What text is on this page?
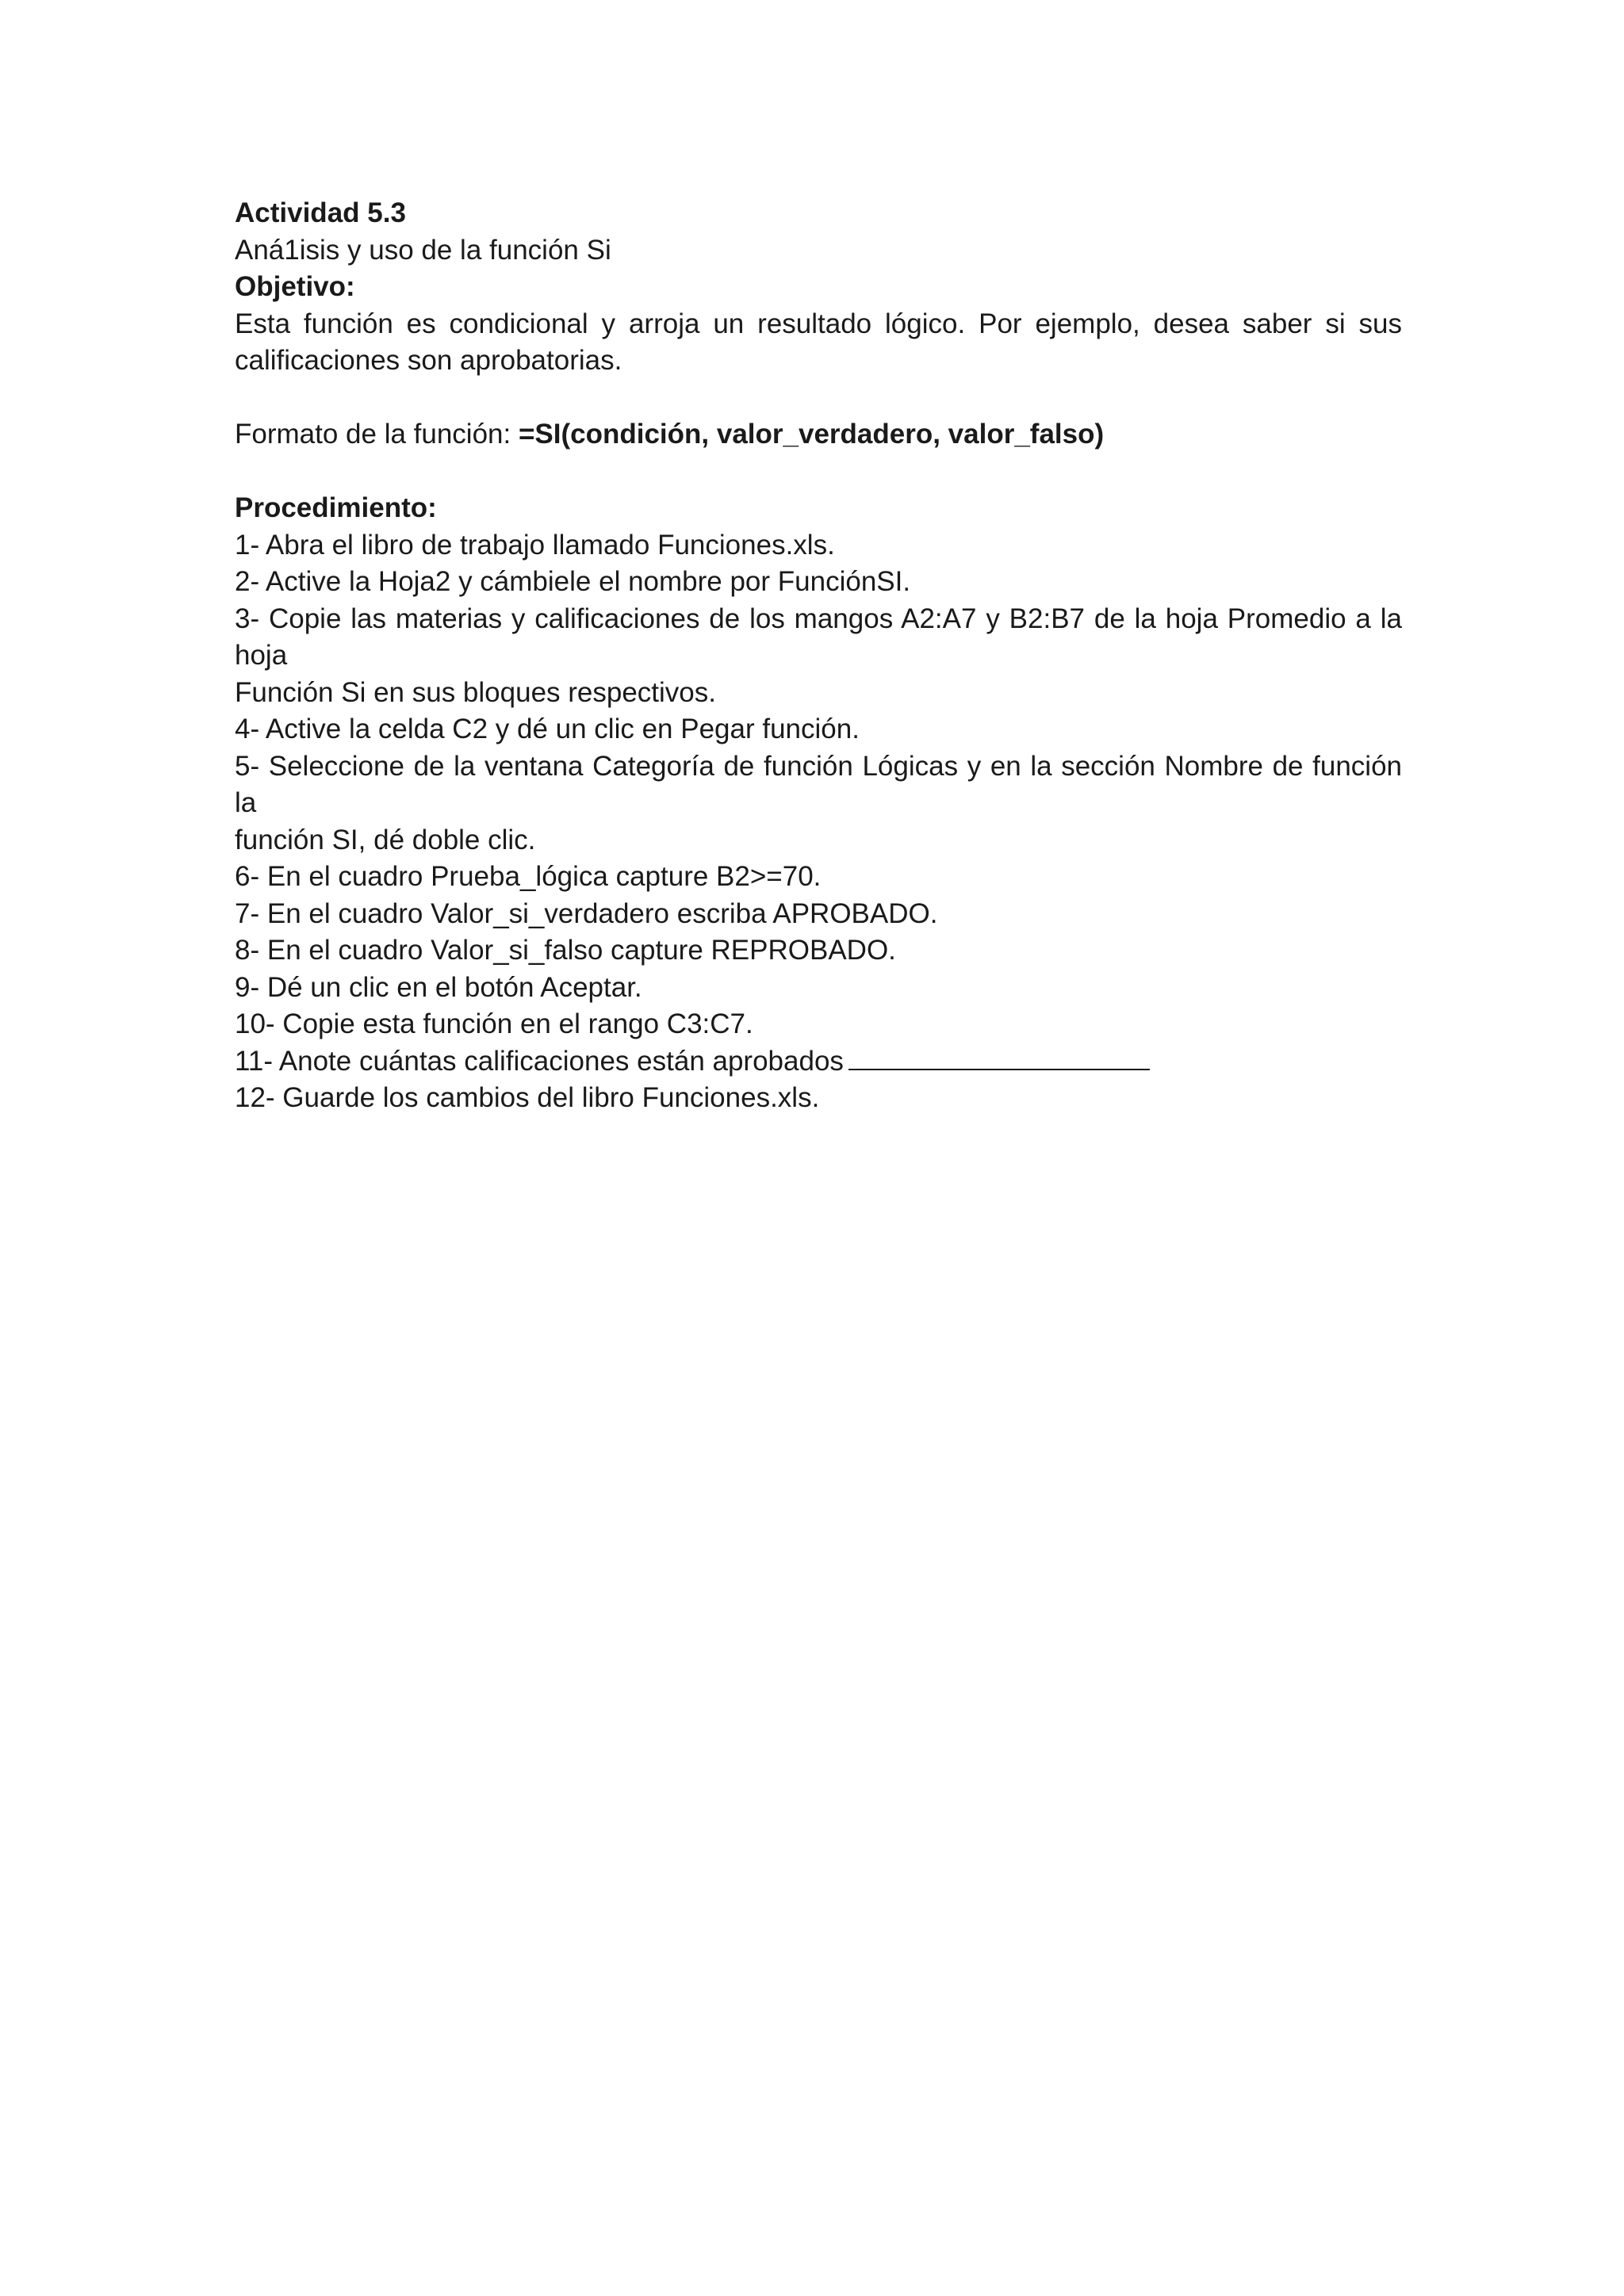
Actividad 5.3
Aná1isis y uso de la función Si
Objetivo:
Esta función es condicional y arroja un resultado lógico. Por ejemplo, desea saber si sus
calificaciones son aprobatorias.
Formato de la función: =SI(condición, valor_verdadero, valor_falso)
Procedimiento:
1- Abra el libro de trabajo llamado Funciones.xls.
2- Active la Hoja2 y cámbiele el nombre por FunciónSI.
3- Copie las materias y calificaciones de los mangos A2:A7 y B2:B7 de la hoja Promedio a la hoja
Función Si en sus bloques respectivos.
4- Active la celda C2 y dé un clic en Pegar función.
5- Seleccione de la ventana Categoría de función Lógicas y en la sección Nombre de función la
función SI, dé doble clic.
6- En el cuadro Prueba_lógica capture B2>=70.
7- En el cuadro Valor_si_verdadero escriba APROBADO.
8- En el cuadro Valor_si_falso capture REPROBADO.
9- Dé un clic en el botón Aceptar.
10- Copie esta función en el rango C3:C7.
11- Anote cuántas calificaciones están aprobados
12- Guarde los cambios del libro Funciones.xls.
